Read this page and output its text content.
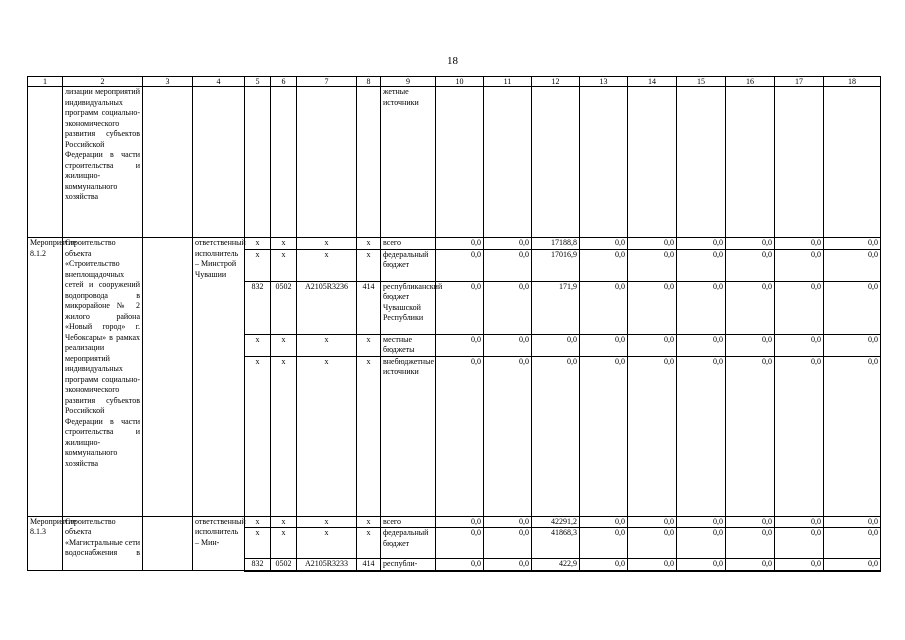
18
1	2	3	4	5	6	7	8	9	10	11	12	13	14	15	16	17	18
	лизации мероприятий индивидуальных программ социально-экономического развития субъектов Российской Федерации в части строительства и жилищно-коммунального хозяйства							жетные источники									
Мероприятие 8.1.2	Строительство объекта «Строительство внеплощадочных сетей и сооружений водопровода в микрорайоне № 2 жилого района «Новый город» г. Чебоксары» в рамках реализации мероприятий индивидуальных программ социально-экономического развития субъектов Российской Федерации в части строительства и жилищно-коммунального хозяйства		ответственный исполнитель – Минстрой Чувашии	x	x	x	x	всего	0,0	0,0	17188,8	0,0	0,0	0,0	0,0	0,0	0,0
				x	x	x	x	федеральный бюджет	0,0	0,0	17016,9	0,0	0,0	0,0	0,0	0,0	0,0
				832	0502	A2105R3236	414	республиканский бюджет Чувашской Республики	0,0	0,0	171,9	0,0	0,0	0,0	0,0	0,0	0,0
				x	x	x	x	местные бюджеты	0,0	0,0	0,0	0,0	0,0	0,0	0,0	0,0	0,0
				x	x	x	x	внебюджетные источники	0,0	0,0	0,0	0,0	0,0	0,0	0,0	0,0	0,0
Мероприятие 8.1.3	Строительство объекта «Магистральные сети водоснабжения в		ответственный исполнитель – Мин-	x	x	x	x	всего	0,0	0,0	42291,2	0,0	0,0	0,0	0,0	0,0	0,0
				x	x	x	x	федеральный бюджет	0,0	0,0	41868,3	0,0	0,0	0,0	0,0	0,0	0,0
				832	0502	A2105R3233	414	республи-	0,0	0,0	422,9	0,0	0,0	0,0	0,0	0,0	0,0
